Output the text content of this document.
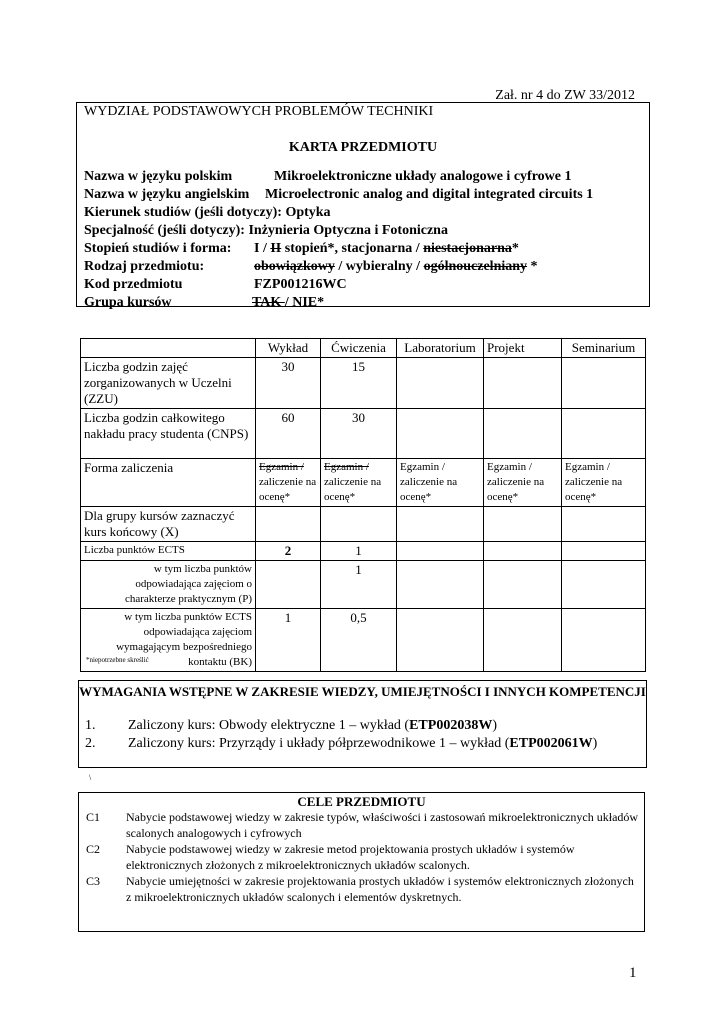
Zał. nr 4 do ZW 33/2012
WYDZIAŁ PODSTAWOWYCH PROBLEMÓW TECHNIKI
KARTA PRZEDMIOTU
Nazwa w języku polskim	Mikroelektroniczne układy analogowe i cyfrowe 1
Nazwa w języku angielskim Microelectronic analog and digital integrated circuits 1
Kierunek studiów (jeśli dotyczy): Optyka
Specjalność (jeśli dotyczy): Inżynieria Optyczna i Fotoniczna
Stopień studiów i forma: I / II stopień*, stacjonarna / niestacjonarna*
Rodzaj przedmiotu:	obowiązkowy / wybieralny / ogólnouczelniany *
Kod przedmiotu	FZP001216WC
Grupa kursów	TAK / NIE*
	Wykład	Ćwiczenia	Laboratorium	Projekt	Seminarium
Liczba godzin zajęć zorganizowanych w Uczelni (ZZU)	30	15			
Liczba godzin całkowitego nakładu pracy studenta (CNPS)	60	30			
Forma zaliczenia	Egzamin / zaliczenie na ocenę*	Egzamin / zaliczenie na ocenę*	Egzamin / zaliczenie na ocenę*	Egzamin / zaliczenie na ocenę*	Egzamin / zaliczenie na ocenę*
Dla grupy kursów zaznaczyć kurs końcowy (X)					
Liczba punktów ECTS	2	1			
w tym liczba punktów odpowiadająca zajęciom o charakterze praktycznym (P)		1			
w tym liczba punktów ECTS odpowiadająca zajęciom wymagającym bezpośredniego kontaktu (BK)	1	0,5			
*niepotrzebne skreślić
WYMAGANIA WSTĘPNE W ZAKRESIE WIEDZY, UMIEJĘTNOŚCI I INNYCH KOMPETENCJI
1. Zaliczony kurs: Obwody elektryczne 1 – wykład (ETP002038W)
2. Zaliczony kurs: Przyrządy i układy półprzewodnikowe 1 – wykład (ETP002061W)
\
CELE PRZEDMIOTU
C1 Nabycie podstawowej wiedzy w zakresie typów, właściwości i zastosowań mikroelektronicznych układów scalonych analogowych i cyfrowych
C2 Nabycie podstawowej wiedzy w zakresie metod projektowania prostych układów i systemów elektronicznych złożonych z mikroelektronicznych układów scalonych.
C3 Nabycie umiejętności w zakresie projektowania prostych układów i systemów elektronicznych złożonych z mikroelektronicznych układów scalonych i elementów dyskretnych.
1
